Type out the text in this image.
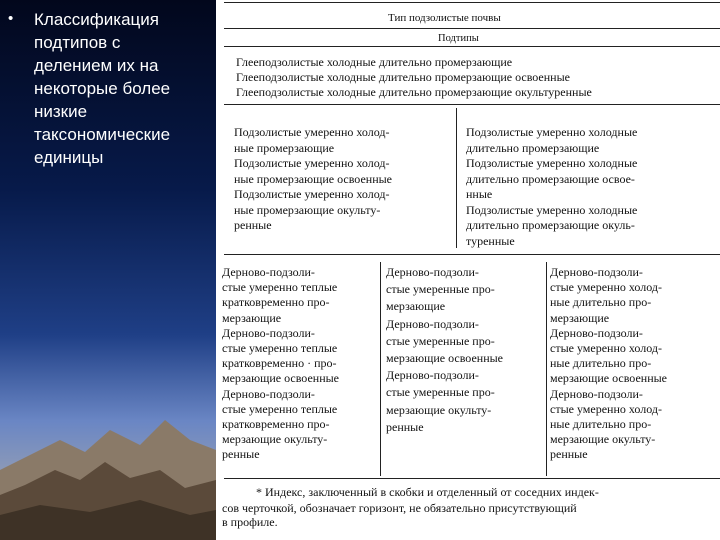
• Классификация
подтипов с
делением их на
некоторые более
низкие
таксономические
единицы
Тип подзолистые почвы
Подтипы
Глееподзолистые холодные длительно промерзающие
Глееподзолистые холодные длительно промерзающие освоенные
Глееподзолистые холодные длительно промерзающие окультуренные
Подзолистые умеренно холод-
ные промерзающие
Подзолистые умеренно холод-
ные промерзающие освоенные
Подзолистые умеренно холод-
ные промерзающие окульту-
ренные
Подзолистые умеренно холодные
длительно промерзающие
Подзолистые умеренно холодные
длительно промерзающие освое-
нные
Подзолистые умеренно холодные
длительно промерзающие окуль-
туренные
Дерново-подзоли-
стые умеренно теплые
кратковременно про-
мерзающие
Дерново-подзоли-
стые умеренно теплые
кратковременно · про-
мерзающие освоенные
Дерново-подзоли-
стые умеренно теплые
кратковременно про-
мерзающие окульту-
ренные
Дерново-подзоли-
стые умеренные про-
мерзающие
Дерново-подзоли-
стые умеренные про-
мерзающие освоенные
Дерново-подзоли-
стые умеренные про-
мерзающие окульту-
ренные
Дерново-подзоли-
стые умеренно холод-
ные длительно про-
мерзающие
Дерново-подзоли-
стые умеренно холод-
ные длительно про-
мерзающие освоенные
Дерново-подзоли-
стые умеренно холод-
ные длительно про-
мерзающие окульту-
ренные
* Индекс, заключенный в скобки и отделенный от соседних индек-
сов черточкой, обозначает горизонт, не обязательно присутствующий
в профиле.
